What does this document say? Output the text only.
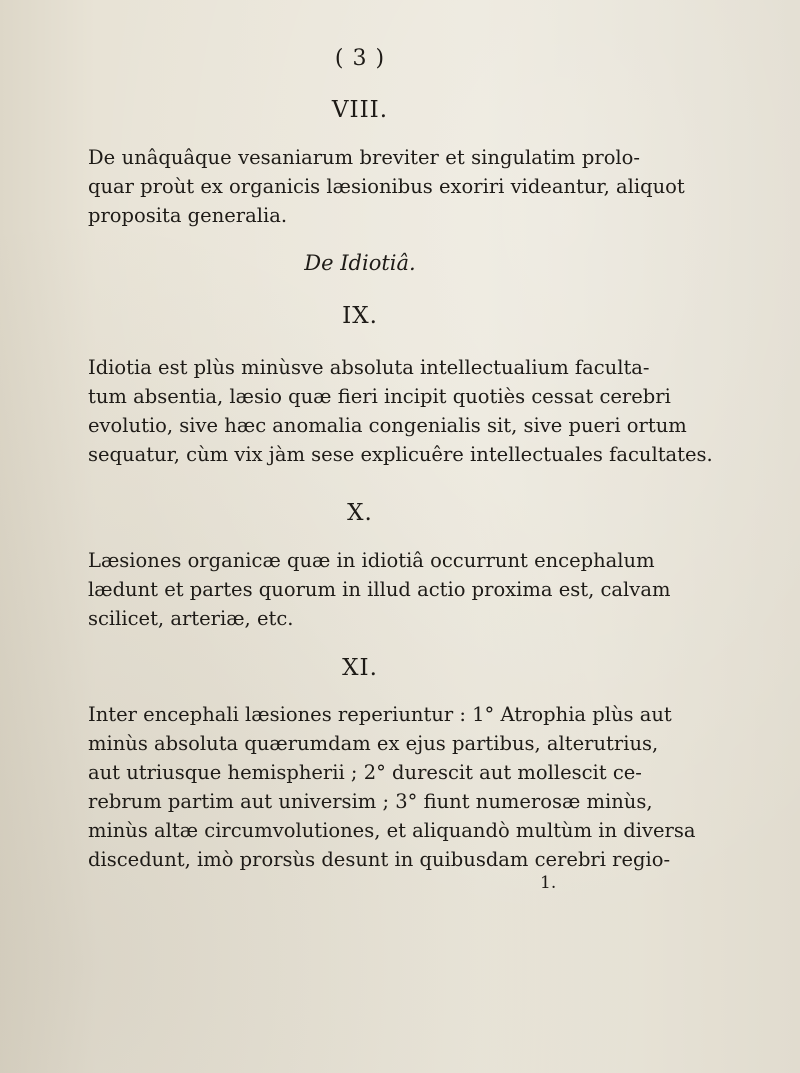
( 3 )
VIII.
De unâquâque vesaniarum breviter et singulatim prolo-
quar proùt ex organicis læsionibus exoriri videantur, aliquot
proposita generalia.
De Idiotiâ.
IX.
Idiotia est plùs minùsve absoluta intellectualium faculta-
tum absentia, læsio quæ fieri incipit quotiès cessat cerebri
evolutio, sive hæc anomalia congenialis sit, sive pueri ortum
sequatur, cùm vix jàm sese explicuêre intellectuales facultates.
X.
Læsiones organicæ quæ in idiotiâ occurrunt encephalum
lædunt et partes quorum in illud actio proxima est, calvam
scilicet, arteriæ, etc.
XI.
Inter encephali læsiones reperiuntur : 1° Atrophia plùs aut
minùs absoluta quærumdam ex ejus partibus, alterutrius,
aut utriusque hemispherii ; 2° durescit aut mollescit ce-
rebrum partim aut universim ; 3° fiunt numerosæ minùs,
minùs altæ circumvolutiones, et aliquandò multùm in diversa
discedunt, imò prorsùs desunt in quibusdam cerebri regio-
1.
